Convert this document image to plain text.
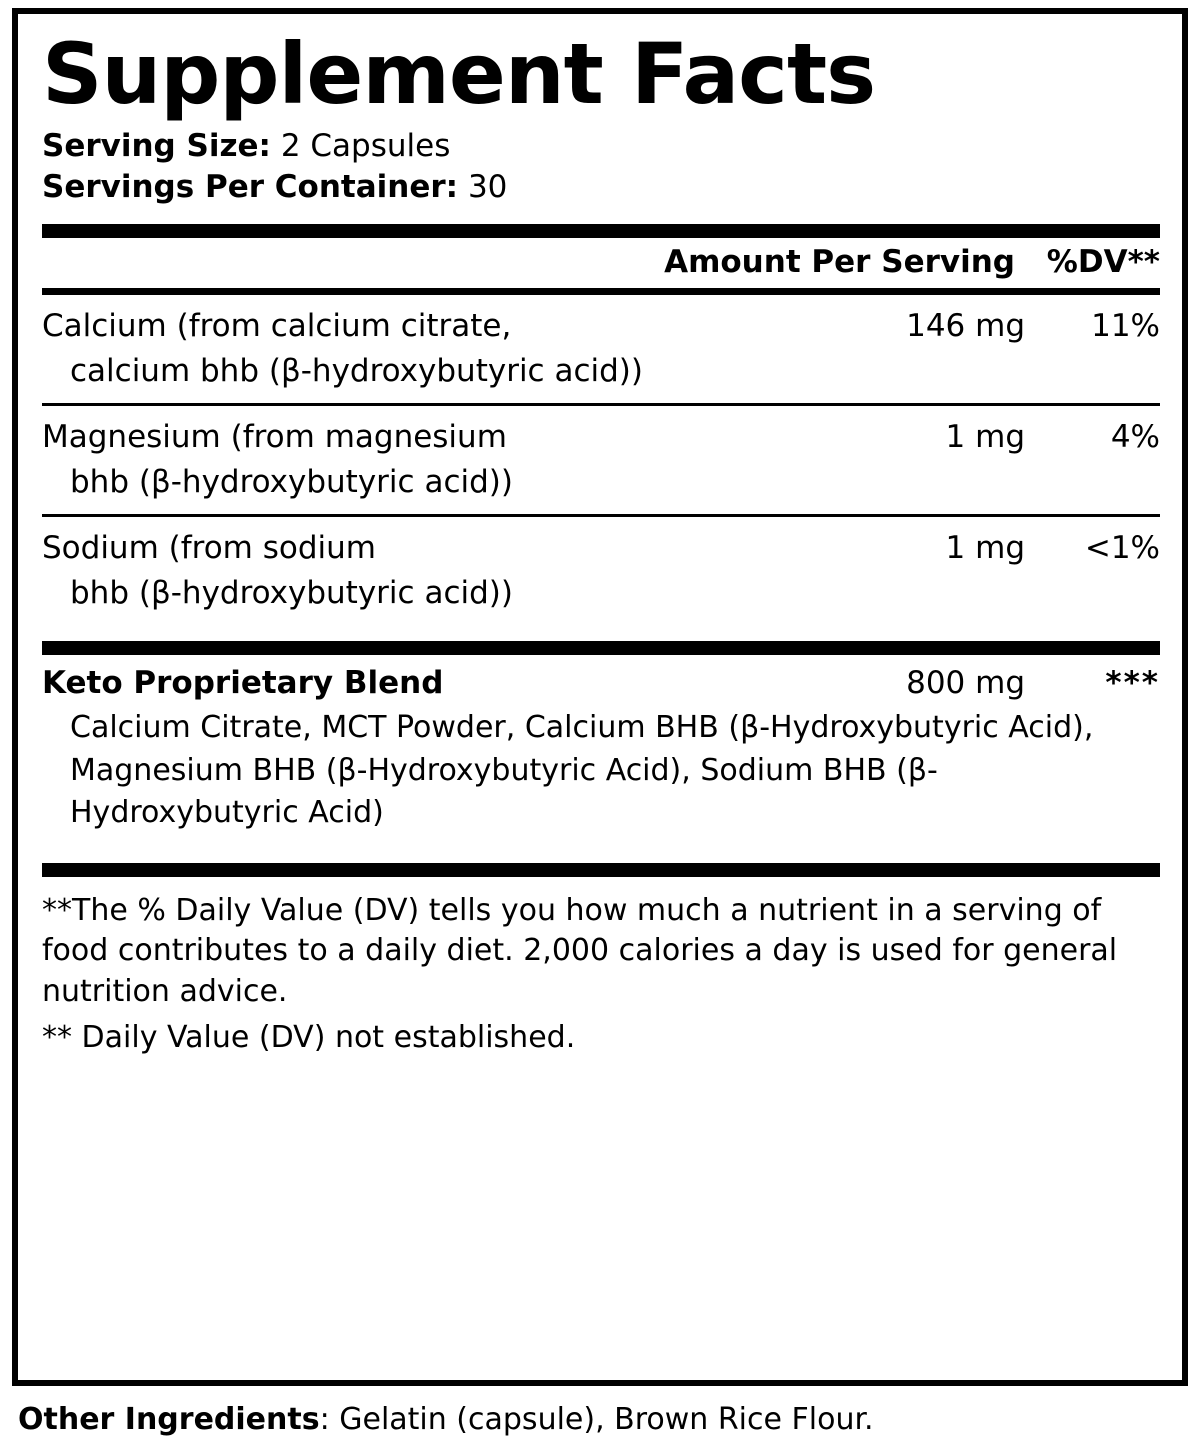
Supplement Facts
Serving Size: 2 Capsules
Servings Per Container: 30
Amount Per Serving	%DV**
Calcium (from calcium citrate,
calcium bhb (β-hydroxybutyric acid))
146 mg	11%
Magnesium (from magnesium
bhb (β-hydroxybutyric acid))
1 mg	4%
Sodium (from sodium
bhb (β-hydroxybutyric acid))
1 mg	<1%
Keto Proprietary Blend	800 mg	***
Calcium Citrate, MCT Powder, Calcium BHB (β-Hydroxybutyric Acid), Magnesium BHB (β-Hydroxybutyric Acid), Sodium BHB (β-Hydroxybutyric Acid)
**The % Daily Value (DV) tells you how much a nutrient in a serving of food contributes to a daily diet. 2,000 calories a day is used for general nutrition advice.
** Daily Value (DV) not established.
Other Ingredients: Gelatin (capsule), Brown Rice Flour.
